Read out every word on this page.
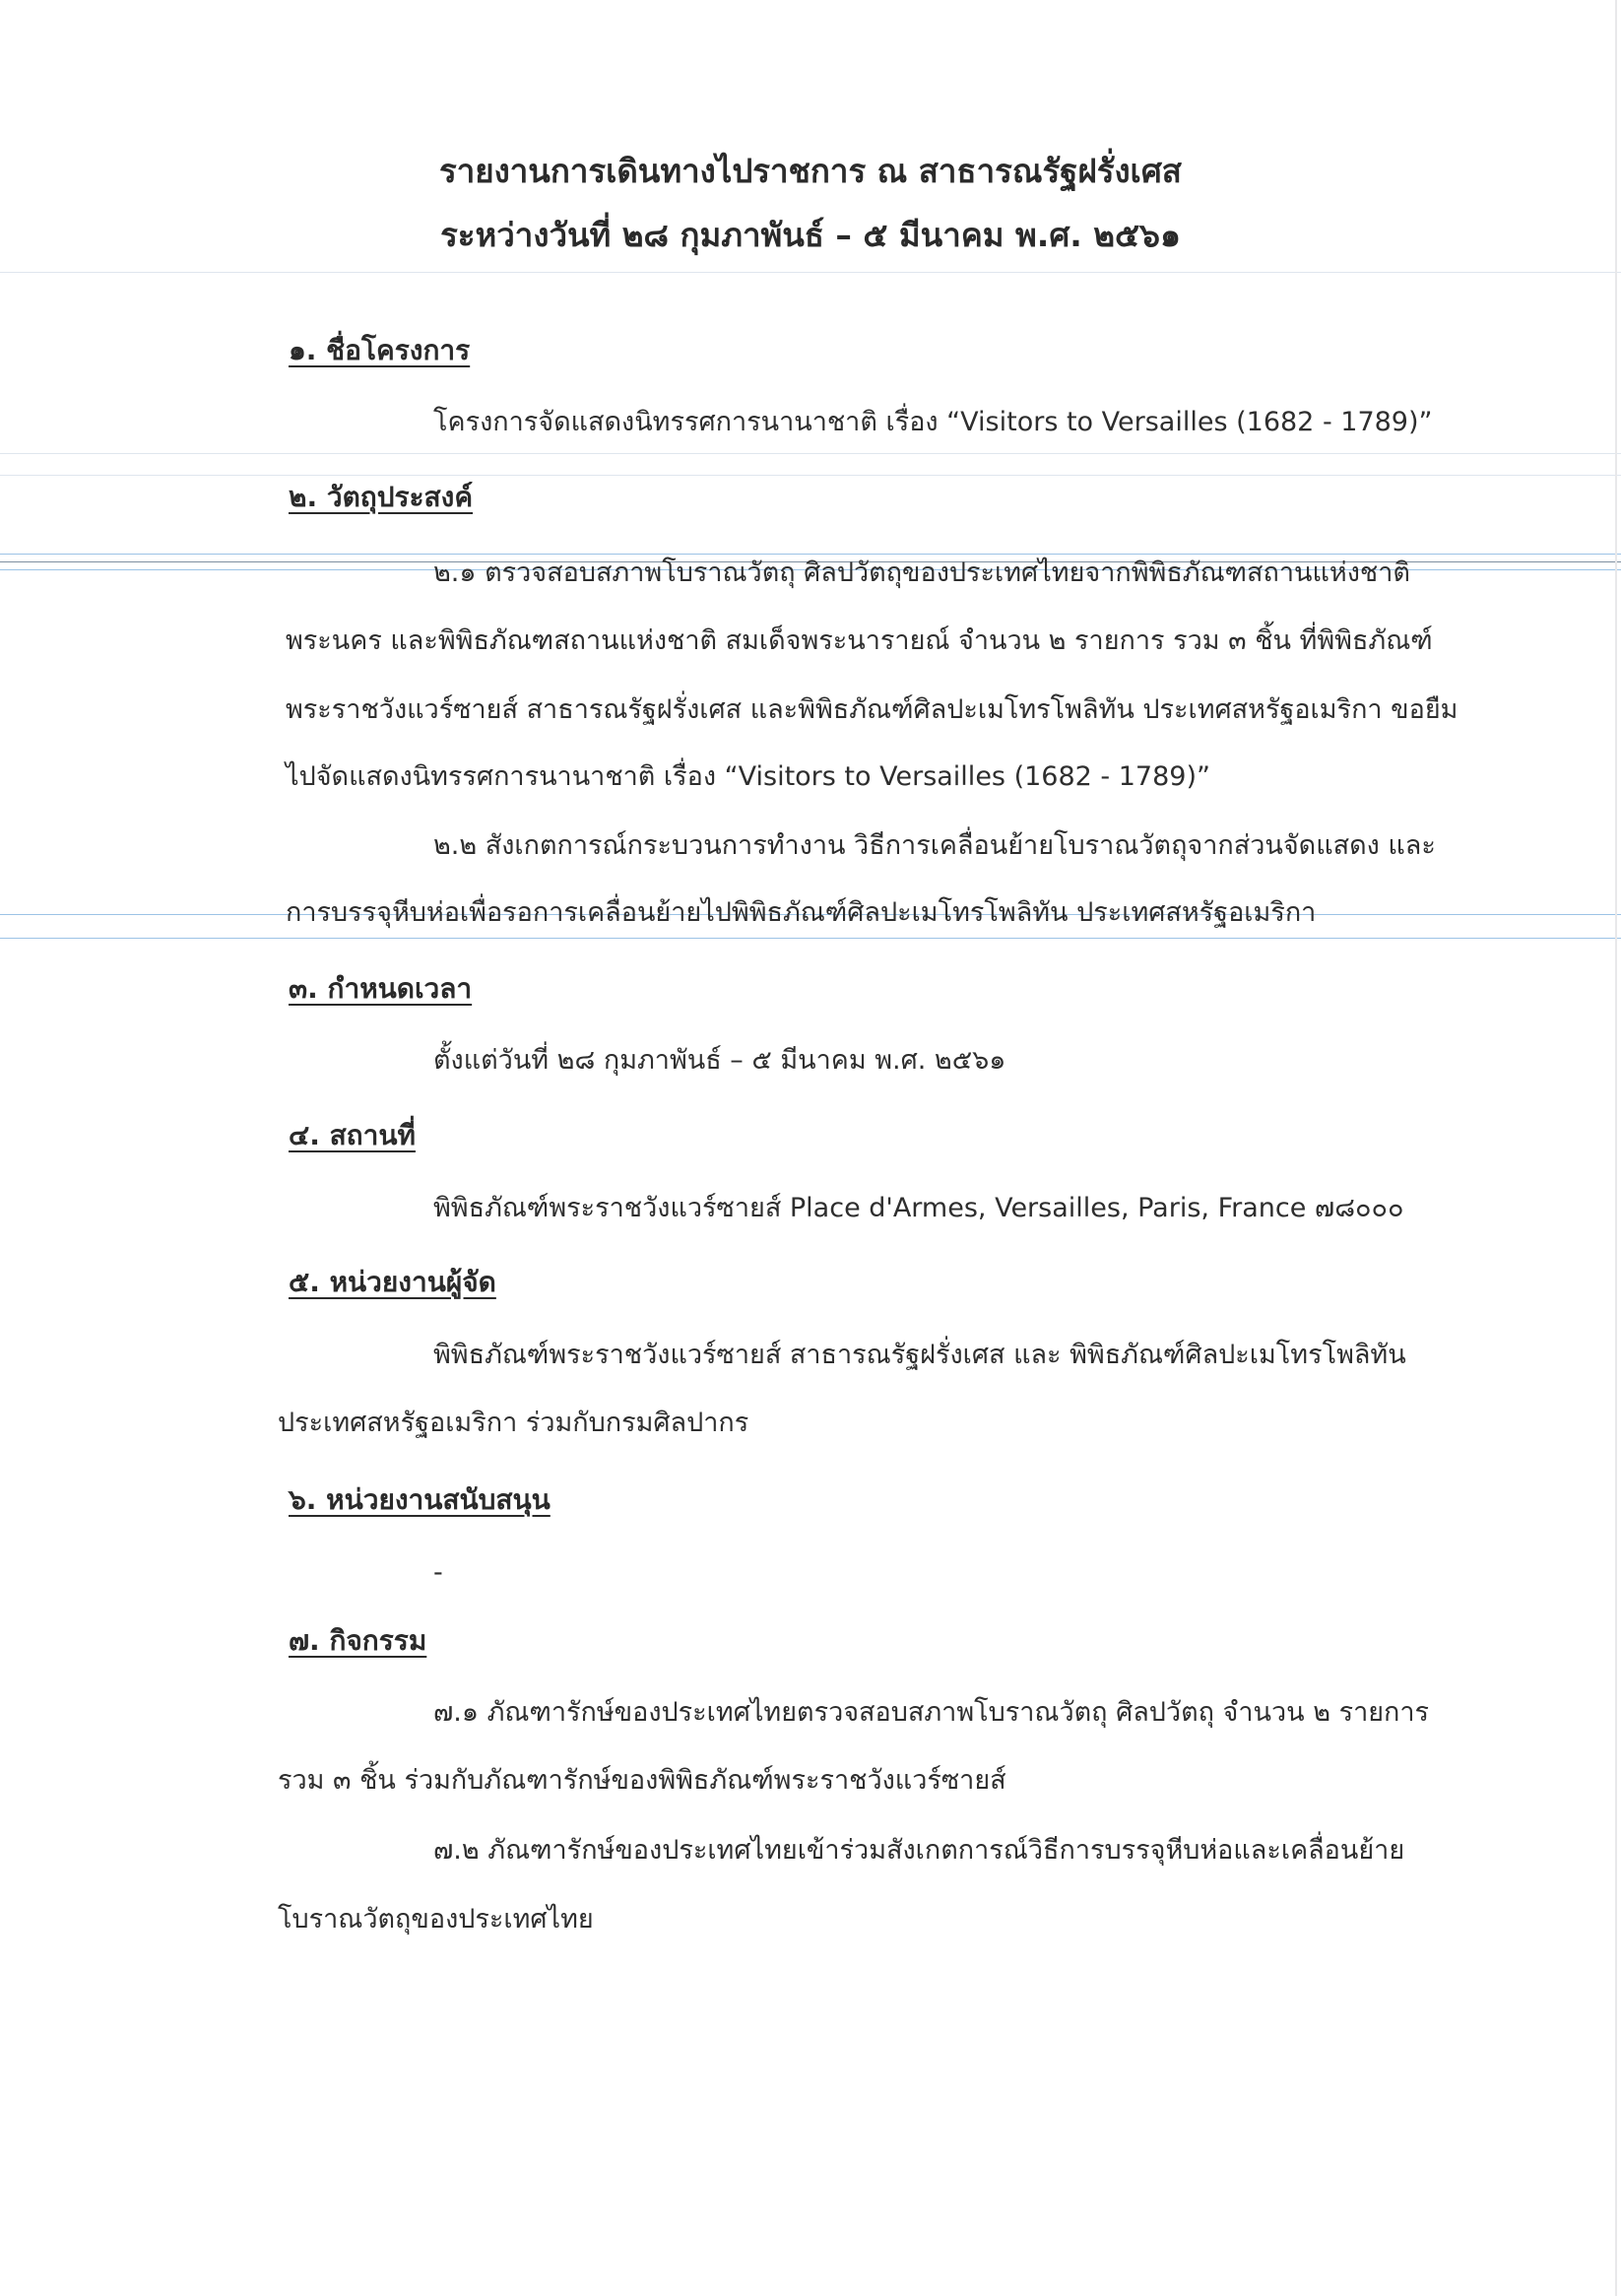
รายงานการเดินทางไปราชการ ณ สาธารณรัฐฝรั่งเศส
ระหว่างวันที่ ๒๘ กุมภาพันธ์ – ๕ มีนาคม พ.ศ. ๒๕๖๑
๑. ชื่อโครงการ
โครงการจัดแสดงนิทรรศการนานาชาติ เรื่อง “Visitors to Versailles (1682 - 1789)”
๒. วัตถุประสงค์
๒.๑ ตรวจสอบสภาพโบราณวัตถุ ศิลปวัตถุของประเทศไทยจากพิพิธภัณฑสถานแห่งชาติ
พระนคร และพิพิธภัณฑสถานแห่งชาติ สมเด็จพระนารายณ์ จำนวน ๒ รายการ รวม ๓ ชิ้น ที่พิพิธภัณฑ์
พระราชวังแวร์ซายส์ สาธารณรัฐฝรั่งเศส และพิพิธภัณฑ์ศิลปะเมโทรโพลิทัน ประเทศสหรัฐอเมริกา ขอยืม
ไปจัดแสดงนิทรรศการนานาชาติ เรื่อง “Visitors to Versailles (1682 - 1789)”
๒.๒ สังเกตการณ์กระบวนการทำงาน วิธีการเคลื่อนย้ายโบราณวัตถุจากส่วนจัดแสดง และ
การบรรจุหีบห่อเพื่อรอการเคลื่อนย้ายไปพิพิธภัณฑ์ศิลปะเมโทรโพลิทัน ประเทศสหรัฐอเมริกา
๓. กำหนดเวลา
ตั้งแต่วันที่ ๒๘ กุมภาพันธ์ – ๕ มีนาคม พ.ศ. ๒๕๖๑
๔. สถานที่
พิพิธภัณฑ์พระราชวังแวร์ซายส์ Place d'Armes, Versailles, Paris, France ๗๘๐๐๐
๕. หน่วยงานผู้จัด
พิพิธภัณฑ์พระราชวังแวร์ซายส์ สาธารณรัฐฝรั่งเศส และ พิพิธภัณฑ์ศิลปะเมโทรโพลิทัน
ประเทศสหรัฐอเมริกา ร่วมกับกรมศิลปากร
๖. หน่วยงานสนับสนุน
-
๗. กิจกรรม
๗.๑ ภัณฑารักษ์ของประเทศไทยตรวจสอบสภาพโบราณวัตถุ ศิลปวัตถุ จำนวน ๒ รายการ
รวม ๓ ชิ้น ร่วมกับภัณฑารักษ์ของพิพิธภัณฑ์พระราชวังแวร์ซายส์
๗.๒ ภัณฑารักษ์ของประเทศไทยเข้าร่วมสังเกตการณ์วิธีการบรรจุหีบห่อและเคลื่อนย้าย
โบราณวัตถุของประเทศไทย
